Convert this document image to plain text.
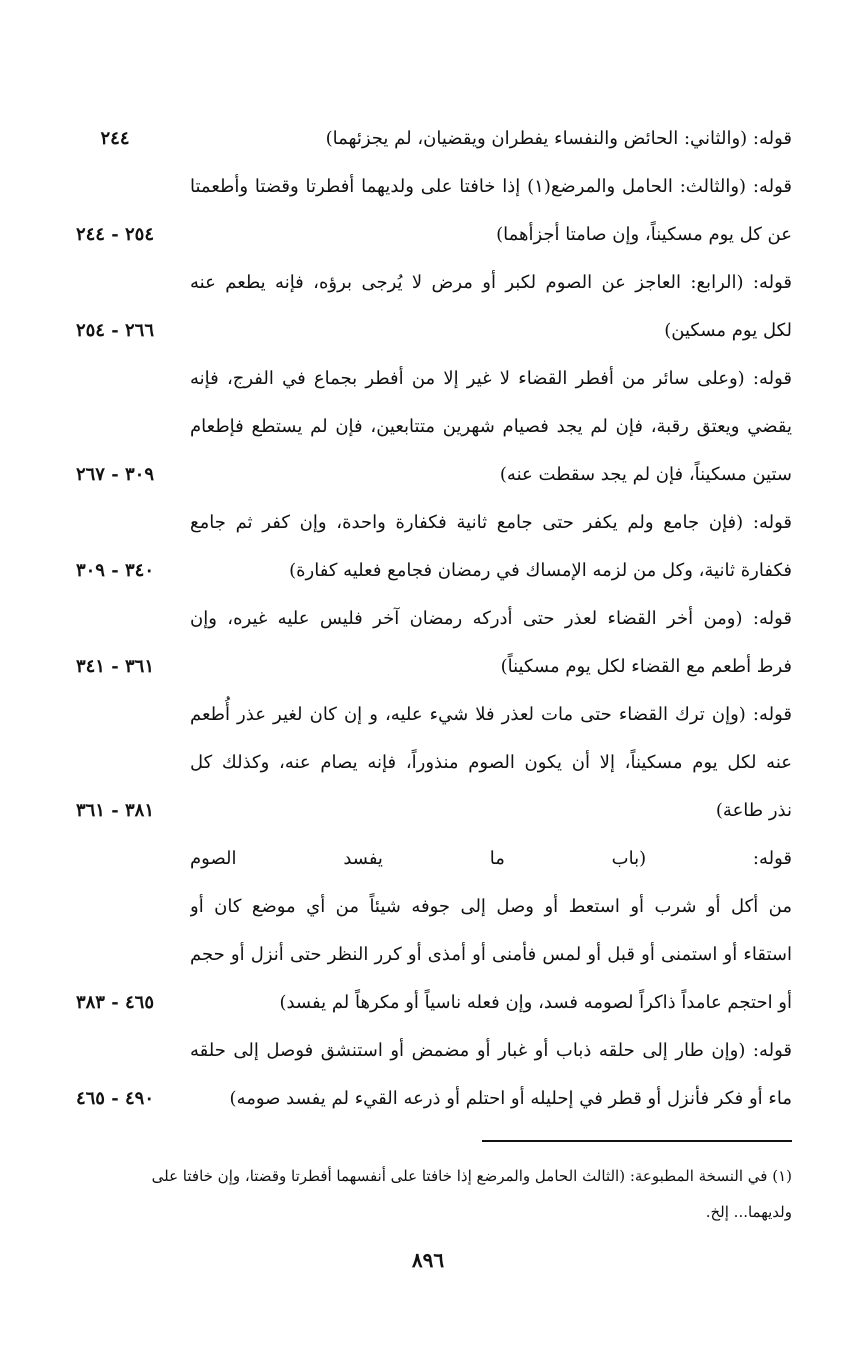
٢٤٤	قوله: (والثاني: الحائض والنفساء يفطران ويقضيان، لم يجزئهما)
قوله: (والثالث: الحامل والمرضع(١) إذا خافتا على ولديهما أفطرتا وقضتا وأطعمتا
٢٥٤ - ٢٤٤	عن كل يوم مسكيناً، وإن صامتا أجزأهما)
قوله: (الرابع: العاجز عن الصوم لكبر أو مرض لا يُرجى برؤه، فإنه يطعم عنه
٢٦٦ - ٢٥٤	لكل يوم مسكين)
قوله: (وعلى سائر من أفطر القضاء لا غير إلا من أفطر بجماع في الفرج، فإنه
يقضي ويعتق رقبة، فإن لم يجد فصيام شهرين متتابعين، فإن لم يستطع فإطعام
٣٠٩ - ٢٦٧	ستين مسكيناً، فإن لم يجد سقطت عنه)
قوله: (فإن جامع ولم يكفر حتى جامع ثانية فكفارة واحدة، وإن كفر ثم جامع
٣٤٠ - ٣٠٩	فكفارة ثانية، وكل من لزمه الإمساك في رمضان فجامع فعليه كفارة)
قوله: (ومن أخر القضاء لعذر حتى أدركه رمضان آخر فليس عليه غيره، وإن
٣٦١ - ٣٤١	فرط أطعم مع القضاء لكل يوم مسكيناً)
قوله: (وإن ترك القضاء حتى مات لعذر فلا شيء عليه، و إن كان لغير عذر أُطعم
عنه لكل يوم مسكيناً، إلا أن يكون الصوم منذوراً، فإنه يصام عنه، وكذلك كل
٣٨١ - ٣٦١	نذر طاعة)
قوله: (باب ما يفسد الصوم
من أكل أو شرب أو استعط أو وصل إلى جوفه شيئاً من أي موضع كان أو
استقاء أو استمنى أو قبل أو لمس فأمنى أو أمذى أو كرر النظر حتى أنزل أو حجم
٤٦٥ - ٣٨٣	أو احتجم عامداً ذاكراً لصومه فسد، وإن فعله ناسياً أو مكرهاً لم يفسد)
قوله: (وإن طار إلى حلقه ذباب أو غبار أو مضمض أو استنشق فوصل إلى حلقه
٤٩٠ - ٤٦٥	ماء أو فكر فأنزل أو قطر في إحليله أو احتلم أو ذرعه القيء لم يفسد صومه)
(١) في النسخة المطبوعة: (الثالث الحامل والمرضع إذا خافتا على أنفسهما أفطرتا وقضتا، وإن خافتا على
ولديهما... إلخ.
٨٩٦
